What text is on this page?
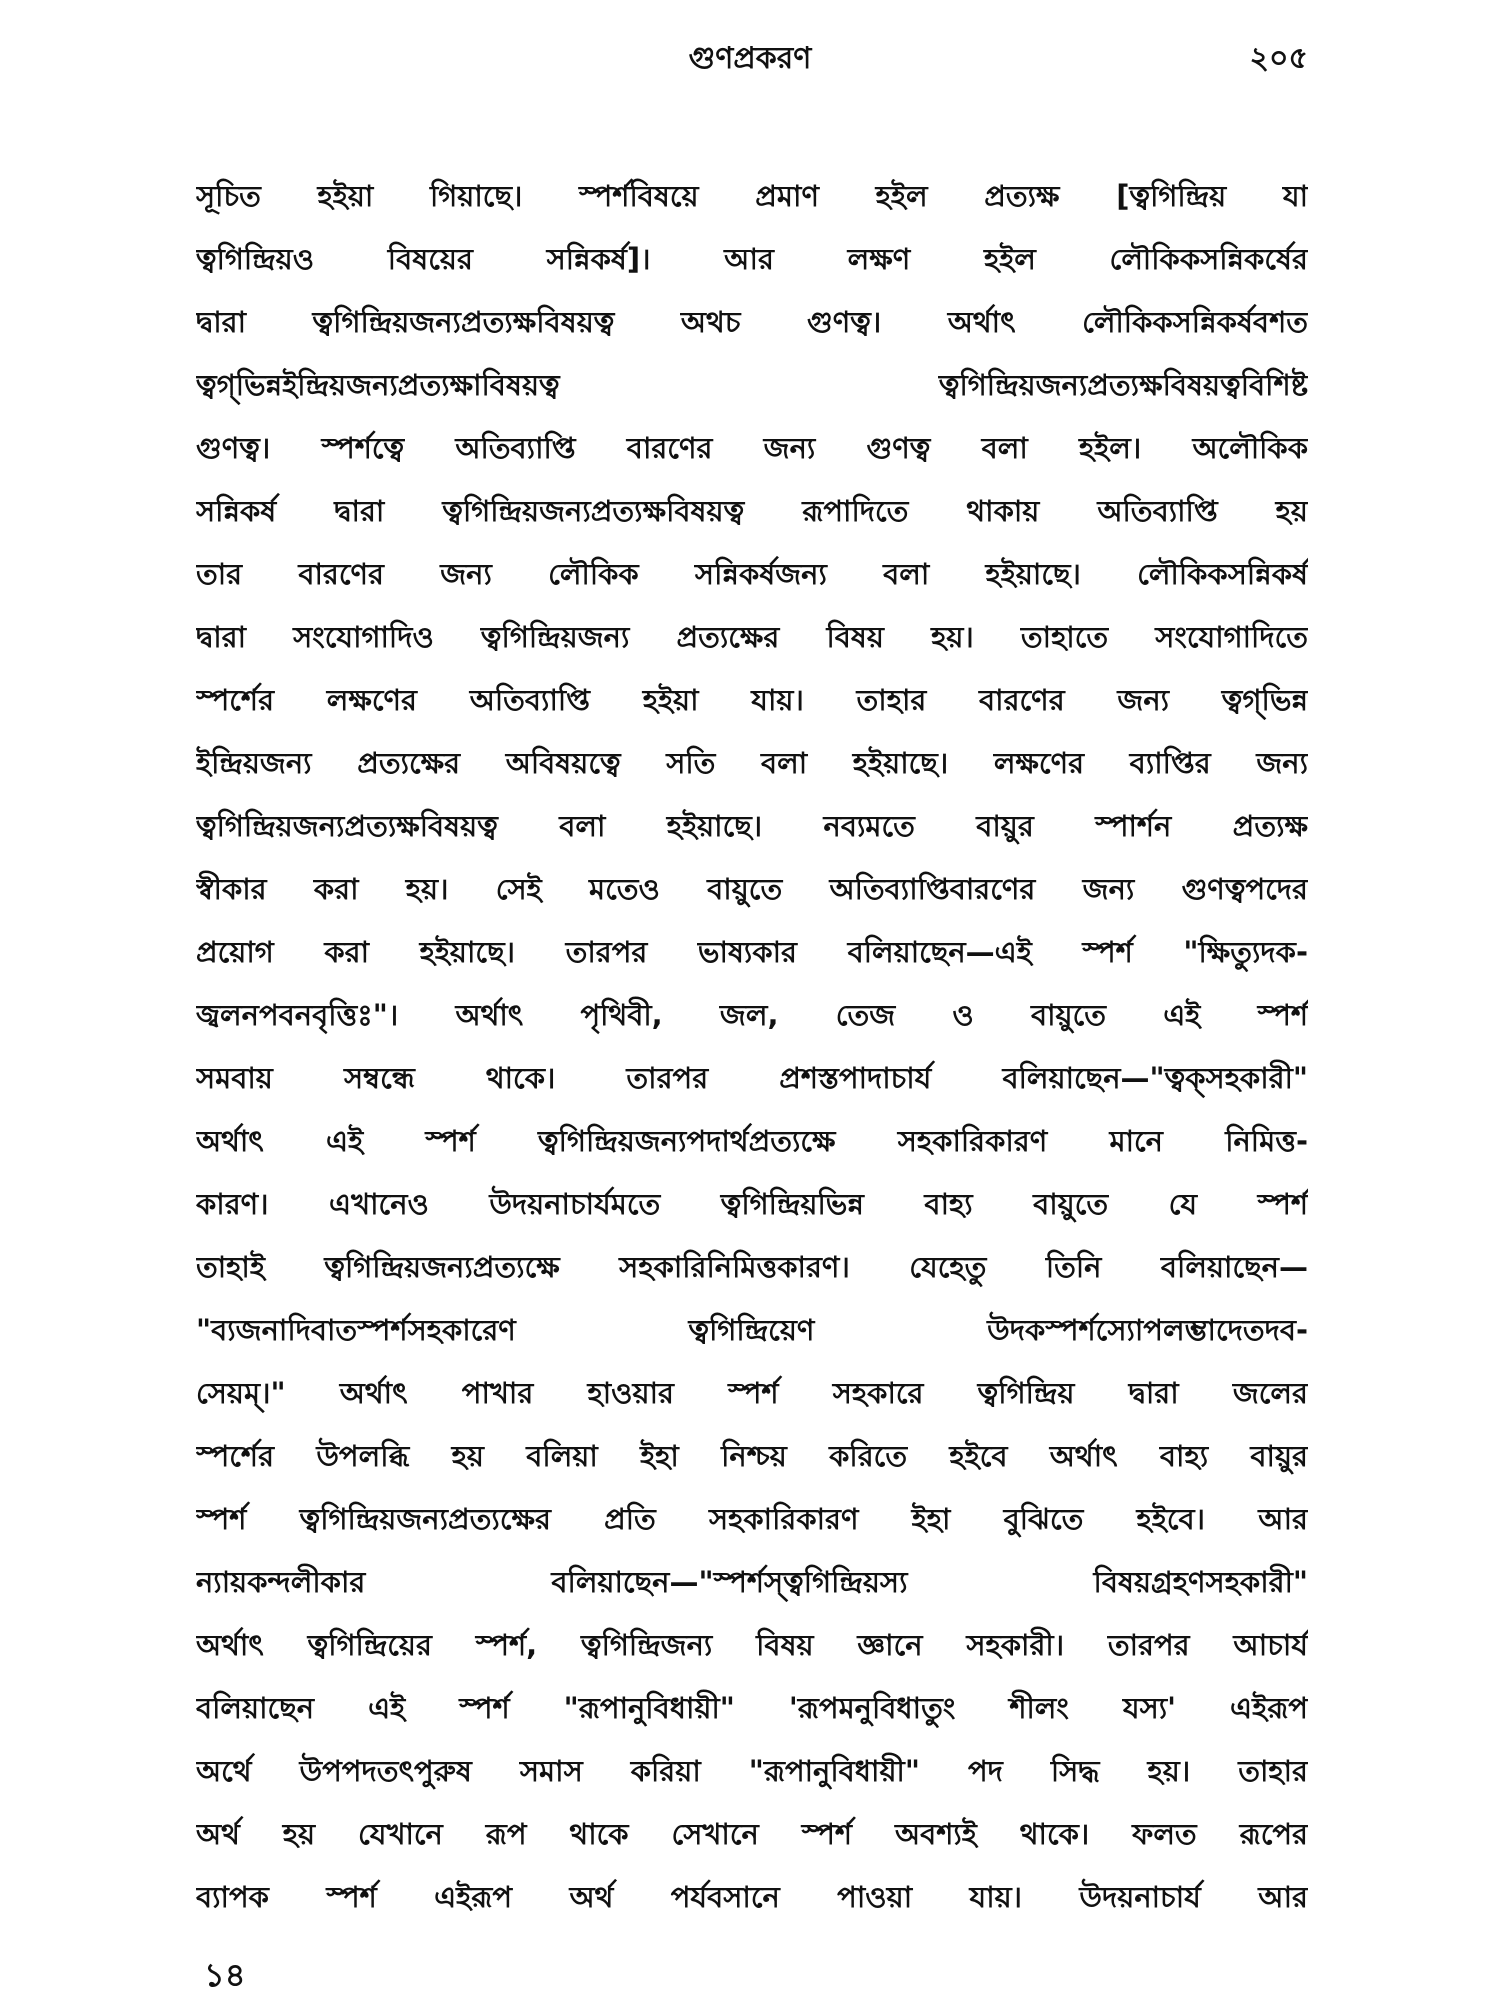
গুণপ্রকরণ	২০৫
সূচিত হইয়া গিয়াছে। স্পর্শবিষয়ে প্রমাণ হইল প্রত্যক্ষ [ত্বগিন্দ্রিয় যা
ত্বগিন্দ্রিয়ও বিষয়ের সন্নিকর্ষ]। আর লক্ষণ হইল লৌকিকসন্নিকর্ষের
দ্বারা ত্বগিন্দ্রিয়জন্যপ্রত্যক্ষবিষয়ত্ব অথচ গুণত্ব। অর্থাৎ লৌকিকসন্নিকর্ষবশত
ত্বগ্‌ভিন্নইন্দ্রিয়জন্যপ্রত্যক্ষাবিষয়ত্ব ত্বগিন্দ্রিয়জন্যপ্রত্যক্ষবিষয়ত্ববিশিষ্ট
গুণত্ব। স্পর্শত্বে অতিব্যাপ্তি বারণের জন্য গুণত্ব বলা হইল। অলৌকিক
সন্নিকর্ষ দ্বারা ত্বগিন্দ্রিয়জন্যপ্রত্যক্ষবিষয়ত্ব রূপাদিতে থাকায় অতিব্যাপ্তি হয়
তার বারণের জন্য লৌকিক সন্নিকর্ষজন্য বলা হইয়াছে। লৌকিকসন্নিকর্ষ
দ্বারা সংযোগাদিও ত্বগিন্দ্রিয়জন্য প্রত্যক্ষের বিষয় হয়। তাহাতে সংযোগাদিতে
স্পর্শের লক্ষণের অতিব্যাপ্তি হইয়া যায়। তাহার বারণের জন্য ত্বগ্‌ভিন্ন
ইন্দ্রিয়জন্য প্রত্যক্ষের অবিষয়ত্বে সতি বলা হইয়াছে। লক্ষণের ব্যাপ্তির জন্য
ত্বগিন্দ্রিয়জন্যপ্রত্যক্ষবিষয়ত্ব বলা হইয়াছে। নব্যমতে বায়ুর স্পার্শন প্রত্যক্ষ
স্বীকার করা হয়। সেই মতেও বায়ুতে অতিব্যাপ্তিবারণের জন্য গুণত্বপদের
প্রয়োগ করা হইয়াছে। তারপর ভাষ্যকার বলিয়াছেন—এই স্পর্শ "ক্ষিত্যুদক-
জ্বলনপবনবৃত্তিঃ"। অর্থাৎ পৃথিবী, জল, তেজ ও বায়ুতে এই স্পর্শ
সমবায় সম্বন্ধে থাকে। তারপর প্রশস্তপাদাচার্য বলিয়াছেন—"ত্বক্‌সহকারী"
অর্থাৎ এই স্পর্শ ত্বগিন্দ্রিয়জন্যপদার্থপ্রত্যক্ষে সহকারিকারণ মানে নিমিত্ত-
কারণ। এখানেও উদয়নাচার্যমতে ত্বগিন্দ্রিয়ভিন্ন বাহ্য বায়ুতে যে স্পর্শ
তাহাই ত্বগিন্দ্রিয়জন্যপ্রত্যক্ষে সহকারিনিমিত্তকারণ। যেহেতু তিনি বলিয়াছেন—
"ব্যজনাদিবাতস্পর্শসহকারেণ ত্বগিন্দ্রিয়েণ উদকস্পর্শস্যোপলম্ভাদেতদব-
সেয়ম্‌।" অর্থাৎ পাখার হাওয়ার স্পর্শ সহকারে ত্বগিন্দ্রিয় দ্বারা জলের
স্পর্শের উপলব্ধি হয় বলিয়া ইহা নিশ্চয় করিতে হইবে অর্থাৎ বাহ্য বায়ুর
স্পর্শ ত্বগিন্দ্রিয়জন্যপ্রত্যক্ষের প্রতি সহকারিকারণ ইহা বুঝিতে হইবে। আর
ন্যায়কন্দলীকার বলিয়াছেন—"স্পর্শস্ত্বগিন্দ্রিয়স্য বিষয়গ্রহণসহকারী"
অর্থাৎ ত্বগিন্দ্রিয়ের স্পর্শ, ত্বগিন্দ্রিজন্য বিষয় জ্ঞানে সহকারী। তারপর আচার্য
বলিয়াছেন এই স্পর্শ "রূপানুবিধায়ী" 'রূপমনুবিধাতুং শীলং যস্য' এইরূপ
অর্থে উপপদতৎপুরুষ সমাস করিয়া "রূপানুবিধায়ী" পদ সিদ্ধ হয়। তাহার
অর্থ হয় যেখানে রূপ থাকে সেখানে স্পর্শ অবশ্যই থাকে। ফলত রূপের
ব্যাপক স্পর্শ এইরূপ অর্থ পর্যবসানে পাওয়া যায়। উদয়নাচার্য আর
১৪
